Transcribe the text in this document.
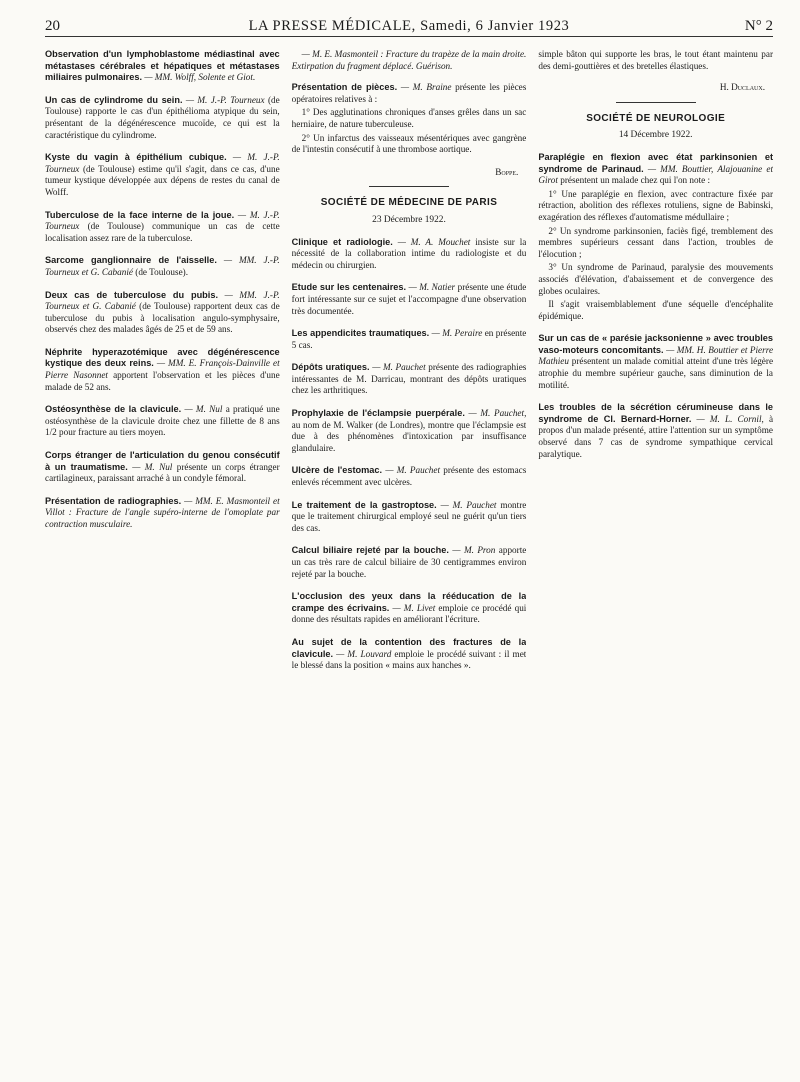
20	LA PRESSE MÉDICALE, Samedi, 6 Janvier 1923	N° 2
Observation d'un lymphoblastome médiastinal avec métastases cérébrales et hépatiques et métastases miliaires pulmonaires. — MM. Wolff, Solente et Giot.
Un cas de cylindrome du sein. — M. J.-P. Tourneux (de Toulouse) rapporte le cas d'un épithélioma atypique du sein, présentant de la dégénérescence mucoïde, ce qui est la caractéristique du cylindrome.
Kyste du vagin à épithélium cubique. — M. J.-P. Tourneux (de Toulouse) estime qu'il s'agit, dans ce cas, d'une tumeur kystique développée aux dépens de restes du canal de Wolff.
Tuberculose de la face interne de la joue. — M. J.-P. Tourneux (de Toulouse) communique un cas de cette localisation assez rare de la tuberculose.
Sarcome ganglionnaire de l'aisselle. — MM. J.-P. Tourneux et G. Cabanié (de Toulouse).
Deux cas de tuberculose du pubis. — MM. J.-P. Tourneux et G. Cabanié (de Toulouse) rapportent deux cas de tuberculose du pubis à localisation angulo-symphysaire, observés chez des malades âgés de 25 et de 59 ans.
Néphrite hyperazotémique avec dégénérescence kystique des deux reins. — MM. E. François-Dainville et Pierre Nasonnet apportent l'observation et les pièces d'une malade de 52 ans.
Ostéosynthèse de la clavicule. — M. Nul a pratiqué une ostéosynthèse de la clavicule droite chez une fillette de 8 ans 1/2 pour fracture au tiers moyen.
Corps étranger de l'articulation du genou consécutif à un traumatisme. — M. Nul présente un corps étranger cartilagineux, paraissant arraché à un condyle fémoral.
Présentation de radiographies. — MM. E. Masmonteil et Villot : Fracture de l'angle supéro-interne de l'omoplate par contraction musculaire.
— M. E. Masmonteil : Fracture du trapèze de la main droite. Extirpation du fragment déplacé. Guérison.
Présentation de pièces. — M. Braine présente les pièces opératoires relatives à :
1° Des agglutinations chroniques d'anses grêles dans un sac herniaire, de nature tuberculeuse.
2° Un infarctus des vaisseaux mésentériques avec gangrène de l'intestin consécutif à une thrombose aortique.
Boppe.
SOCIÉTÉ DE MÉDECINE DE PARIS
23 Décembre 1922.
Clinique et radiologie. — M. A. Mouchet insiste sur la nécessité de la collaboration intime du radiologiste et du médecin ou chirurgien.
Etude sur les centenaires. — M. Natier présente une étude fort intéressante sur ce sujet et l'accompagne d'une observation très documentée.
Les appendicites traumatiques. — M. Peraire en présente 5 cas.
Dépôts uratiques. — M. Pauchet présente des radiographies intéressantes de M. Darricau, montrant des dépôts uratiques chez les arthritiques.
Prophylaxie de l'éclampsie puerpérale. — M. Pauchet, au nom de M. Walker (de Londres), montre que l'éclampsie est due à des phénomènes d'intoxication par insuffisance glandulaire.
Ulcère de l'estomac. — M. Pauchet présente des estomacs enlevés récemment avec ulcères.
Le traitement de la gastroptose. — M. Pauchet montre que le traitement chirurgical employé seul ne guérit qu'un tiers des cas.
Calcul biliaire rejeté par la bouche. — M. Pron apporte un cas très rare de calcul biliaire de 30 centigrammes environ rejeté par la bouche.
L'occlusion des yeux dans la rééducation de la crampe des écrivains. — M. Livet emploie ce procédé qui donne des résultats rapides en améliorant l'écriture.
Au sujet de la contention des fractures de la clavicule. — M. Louvard emploie le procédé suivant : il met le blessé dans la position « mains aux hanches ».
simple bâton qui supporte les bras, le tout étant maintenu par des demi-gouttières et des bretelles élastiques.
H. Duclaux.
SOCIÉTÉ DE NEUROLOGIE
14 Décembre 1922.
Paraplégie en flexion avec état parkinsonien et syndrome de Parinaud. — MM. Bouttier, Alajouanine et Girot présentent un malade chez qui l'on note :
1° Une paraplégie en flexion, avec contracture fixée par rétraction, abolition des réflexes rotuliens, signe de Babinski, exagération des réflexes d'automatisme médullaire ;
2° Un syndrome parkinsonien, faciès figé, tremblement des membres supérieurs cessant dans l'action, troubles de l'élocution ;
3° Un syndrome de Parinaud, paralysie des mouvements associés d'élévation, d'abaissement et de convergence des globes oculaires.
Il s'agit vraisemblablement d'une séquelle d'encéphalite épidémique.
Sur un cas de « parésie jacksonienne » avec troubles vaso-moteurs concomitants. — MM. H. Bouttier et Pierre Mathieu présentent un malade comitial atteint d'une très légère atrophie du membre supérieur gauche, sans diminution de la motilité.
Les troubles de la sécrétion cérumineuse dans le syndrome de Cl. Bernard-Horner. — M. L. Cornil, à propos d'un malade présenté, attire l'attention sur un symptôme observé dans 7 cas de syndrome sympathique cervical paralytique.
